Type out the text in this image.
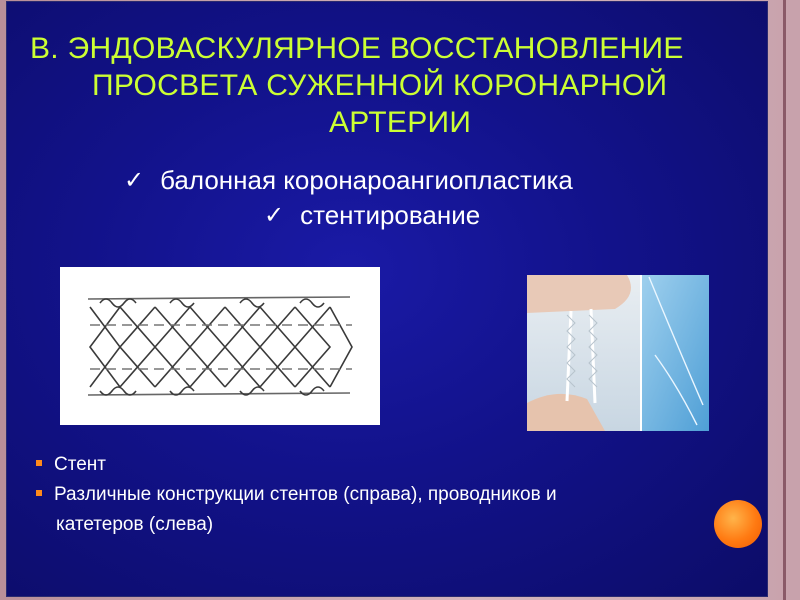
В. ЭНДОВАСКУЛЯРНОЕ ВОССТАНОВЛЕНИЕ
ПРОСВЕТА СУЖЕННОЙ КОРОНАРНОЙ
АРТЕРИИ
✓ балонная коронароангиопластика
✓ стентирование
Стент
Различные конструкции стентов (справа), проводников и
катетеров (слева)
